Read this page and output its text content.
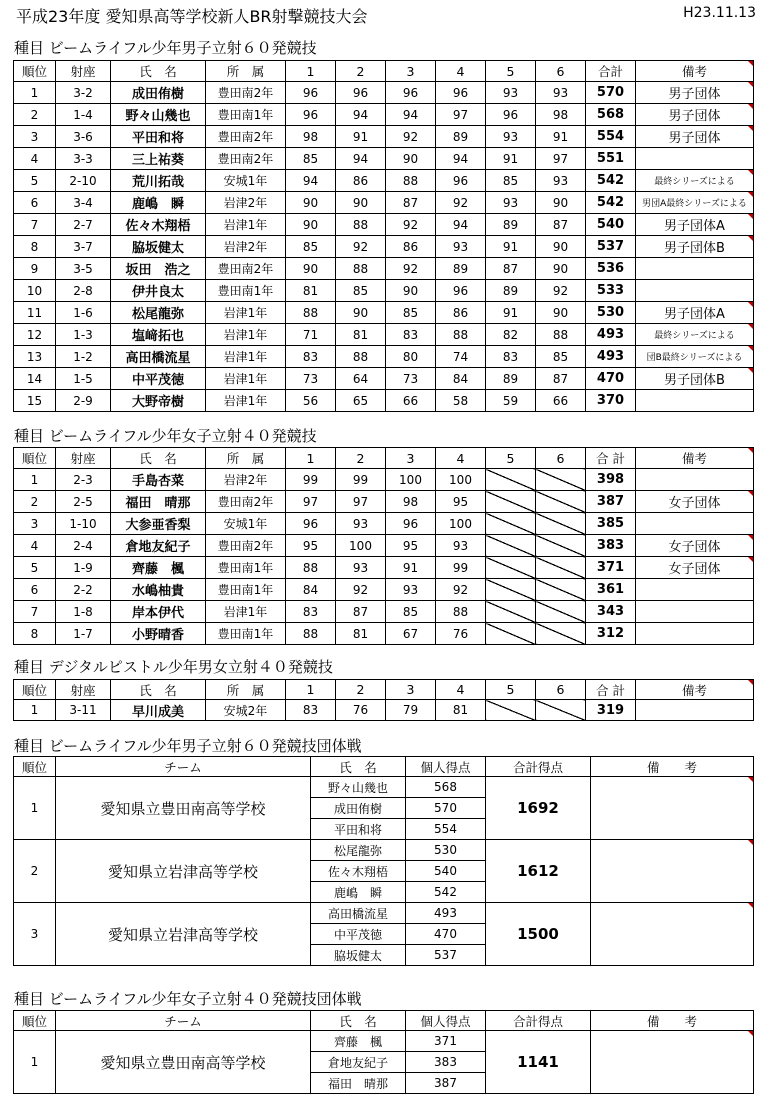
平成23年度 愛知県高等学校新人BR射撃競技大会	H23.11.13
種目 ビームライフル少年男子立射６０発競技
順位	射座	氏　名	所　属	1	2	3	4	5	6	合計	備考
1	3-2	成田侑樹	豊田南2年	96	96	96	96	93	93	570	男子団体
2	1-4	野々山幾也	豊田南1年	96	94	94	97	96	98	568	男子団体
3	3-6	平田和将	豊田南2年	98	91	92	89	93	91	554	男子団体
4	3-3	三上祐葵	豊田南2年	85	94	90	94	91	97	551	
5	2-10	荒川拓哉	安城1年	94	86	88	96	85	93	542	最終シリーズによる
6	3-4	鹿嶋　瞬	岩津2年	90	90	87	92	93	90	542	男団A最終シリーズによる
7	2-7	佐々木翔梧	岩津1年	90	88	92	94	89	87	540	男子団体A
8	3-7	脇坂健太	岩津2年	85	92	86	93	91	90	537	男子団体B
9	3-5	坂田　浩之	豊田南2年	90	88	92	89	87	90	536	
10	2-8	伊井良太	豊田南1年	81	85	90	96	89	92	533	
11	1-6	松尾龍弥	岩津1年	88	90	85	86	91	90	530	男子団体A
12	1-3	塩﨑拓也	岩津1年	71	81	83	88	82	88	493	最終シリーズによる
13	1-2	高田橋流星	岩津1年	83	88	80	74	83	85	493	団B最終シリーズによる
14	1-5	中平茂徳	岩津1年	73	64	73	84	89	87	470	男子団体B
15	2-9	大野帝樹	岩津1年	56	65	66	58	59	66	370	
種目 ビームライフル少年女子立射４０発競技
順位	射座	氏　名	所　属	1	2	3	4	5	6	合 計	備考
1	2-3	手島杏菜	岩津2年	99	99	100	100			398	
2	2-5	福田　晴那	豊田南2年	97	97	98	95			387	女子団体
3	1-10	大参亜香梨	安城1年	96	93	96	100			385	
4	2-4	倉地友紀子	豊田南2年	95	100	95	93			383	女子団体
5	1-9	齊藤　楓	豊田南1年	88	93	91	99			371	女子団体
6	2-2	水嶋柚貴	豊田南1年	84	92	93	92			361	
7	1-8	岸本伊代	岩津1年	83	87	85	88			343	
8	1-7	小野晴香	豊田南1年	88	81	67	76			312	
種目 デジタルピストル少年男女立射４０発競技
順位	射座	氏　名	所　属	1	2	3	4	5	6	合 計	備考
1	3-11	早川成美	安城2年	83	76	79	81			319	
種目 ビームライフル少年男子立射６０発競技団体戦
順位	チーム	氏　名	個人得点	合計得点	備　　考
1	愛知県立豊田南高等学校	野々山幾也	568	1692	
		成田侑樹	570		
		平田和将	554		
2	愛知県立岩津高等学校	松尾龍弥	530	1612	
		佐々木翔梧	540		
		鹿嶋　瞬	542		
3	愛知県立岩津高等学校	高田橋流星	493	1500	
		中平茂徳	470		
		脇坂健太	537		
種目 ビームライフル少年女子立射４０発競技団体戦
順位	チーム	氏　名	個人得点	合計得点	備　　考
1	愛知県立豊田南高等学校	齊藤　楓	371	1141	
		倉地友紀子	383		
		福田　晴那	387		
